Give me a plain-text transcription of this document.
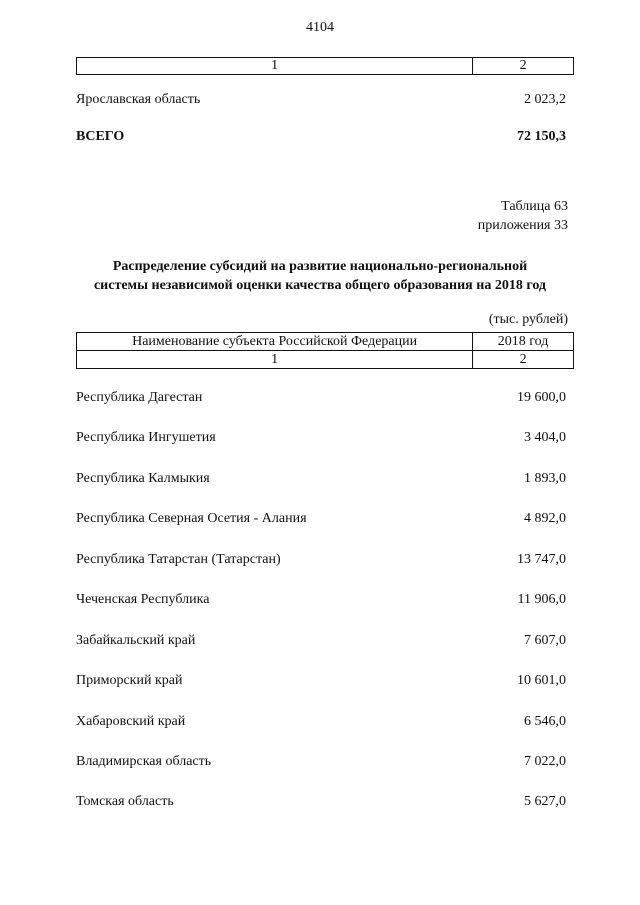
4104
1	2
Ярославская область	2 023,2
ВСЕГО	72 150,3
Таблица 63
приложения 33
Распределение субсидий на развитие национально-региональной
системы независимой оценки качества общего образования на 2018 год
(тыс. рублей)
Наименование субъекта Российской Федерации	2018 год
1	2
Республика Дагестан	19 600,0
Республика Ингушетия	3 404,0
Республика Калмыкия	1 893,0
Республика Северная Осетия - Алания	4 892,0
Республика Татарстан (Татарстан)	13 747,0
Чеченская Республика	11 906,0
Забайкальский край	7 607,0
Приморский край	10 601,0
Хабаровский край	6 546,0
Владимирская область	7 022,0
Томская область	5 627,0
